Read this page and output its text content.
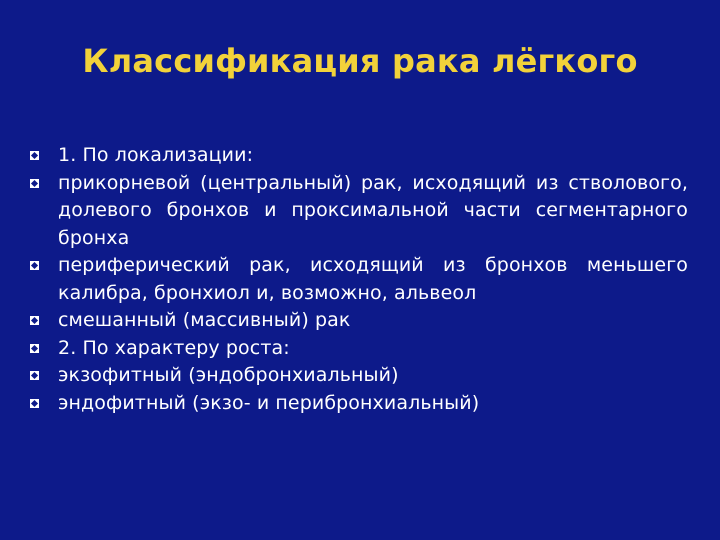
Классификация рака лёгкого
1. По локализации:
прикорневой (центральный) рак, исходящий из стволового, долевого бронхов и проксимальной части сегментарного бронха
периферический рак, исходящий из бронхов меньшего калибра, бронхиол и, возможно, альвеол
смешанный (массивный) рак
2. По характеру роста:
экзофитный (эндобронхиальный)
эндофитный (экзо- и перибронхиальный)
